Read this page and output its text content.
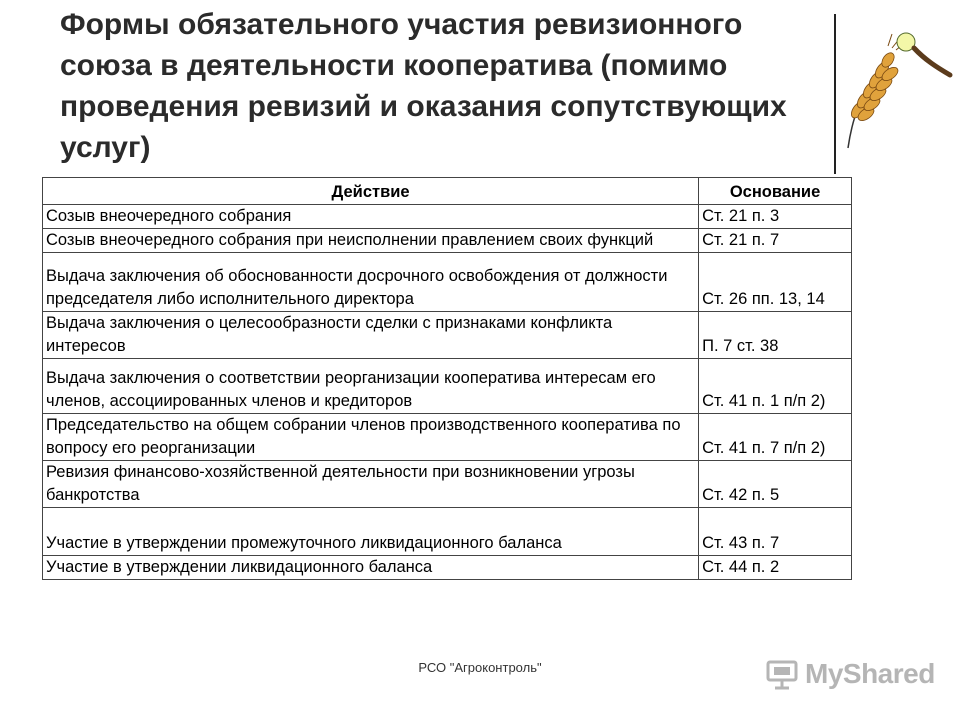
Формы обязательного участия ревизионного союза в деятельности кооператива (помимо проведения ревизий и оказания сопутствующих услуг)
Действие	Основание
Созыв внеочередного собрания	Ст. 21 п. 3
Созыв внеочередного собрания при неисполнении правлением своих функций	Ст. 21 п. 7
Выдача заключения об обоснованности досрочного освобождения от должности председателя либо исполнительного директора	Ст. 26 пп. 13, 14
Выдача заключения о целесообразности сделки с признаками конфликта интересов	П. 7 ст. 38
Выдача заключения о соответствии реорганизации кооператива интересам его членов, ассоциированных членов и кредиторов	Ст. 41 п. 1 п/п 2)
Председательство на общем собрании членов производственного кооператива по вопросу его реорганизации	Ст. 41 п. 7 п/п 2)
Ревизия финансово-хозяйственной деятельности при возникновении угрозы банкротства	Ст. 42 п. 5
Участие в утверждении промежуточного ликвидационного баланса	Ст. 43 п. 7
Участие в утверждении ликвидационного баланса	Ст. 44 п. 2
РСО "Агроконтроль"	MyShared
